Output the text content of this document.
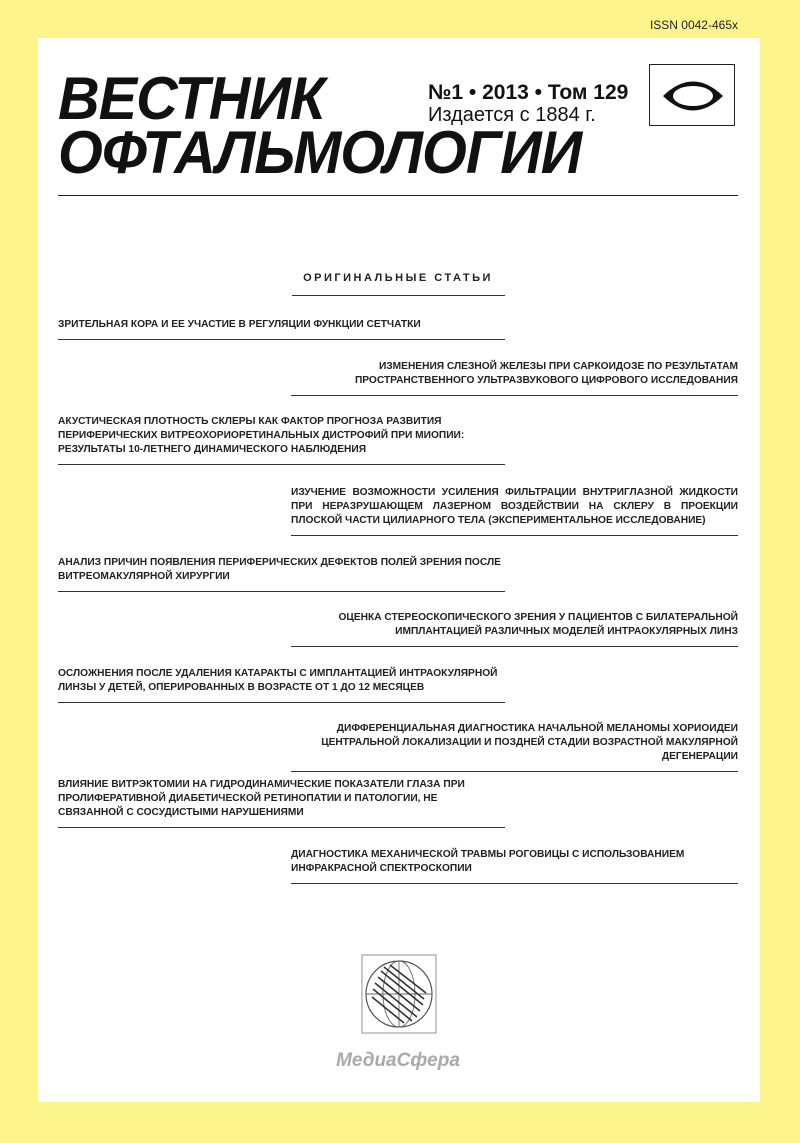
ISSN 0042-465x
ВЕСТНИК
ОФТАЛЬМОЛОГИИ
№1 • 2013 • Том 129
Издается с 1884 г.
ОРИГИНАЛЬНЫЕ СТАТЬИ
ЗРИТЕЛЬНАЯ КОРА И ЕЕ УЧАСТИЕ В РЕГУЛЯЦИИ ФУНКЦИИ СЕТЧАТКИ
ИЗМЕНЕНИЯ СЛЕЗНОЙ ЖЕЛЕЗЫ ПРИ САРКОИДОЗЕ ПО РЕЗУЛЬТАТАМ ПРОСТРАНСТВЕННОГО УЛЬТРАЗВУКОВОГО ЦИФРОВОГО ИССЛЕДОВАНИЯ
АКУСТИЧЕСКАЯ ПЛОТНОСТЬ СКЛЕРЫ КАК ФАКТОР ПРОГНОЗА РАЗВИТИЯ ПЕРИФЕРИЧЕСКИХ ВИТРЕОХОРИОРЕТИНАЛЬНЫХ ДИСТРОФИЙ ПРИ МИОПИИ: РЕЗУЛЬТАТЫ 10-ЛЕТНЕГО ДИНАМИЧЕСКОГО НАБЛЮДЕНИЯ
ИЗУЧЕНИЕ ВОЗМОЖНОСТИ УСИЛЕНИЯ ФИЛЬТРАЦИИ ВНУТРИГЛАЗНОЙ ЖИДКОСТИ ПРИ НЕРАЗРУШАЮЩЕМ ЛАЗЕРНОМ ВОЗДЕЙСТВИИ НА СКЛЕРУ В ПРОЕКЦИИ ПЛОСКОЙ ЧАСТИ ЦИЛИАРНОГО ТЕЛА (ЭКСПЕРИМЕНТАЛЬНОЕ ИССЛЕДОВАНИЕ)
АНАЛИЗ ПРИЧИН ПОЯВЛЕНИЯ ПЕРИФЕРИЧЕСКИХ ДЕФЕКТОВ ПОЛЕЙ ЗРЕНИЯ ПОСЛЕ ВИТРЕОМАКУЛЯРНОЙ ХИРУРГИИ
ОЦЕНКА СТЕРЕОСКОПИЧЕСКОГО ЗРЕНИЯ У ПАЦИЕНТОВ С БИЛАТЕРАЛЬНОЙ ИМПЛАНТАЦИЕЙ РАЗЛИЧНЫХ МОДЕЛЕЙ ИНТРАОКУЛЯРНЫХ ЛИНЗ
ОСЛОЖНЕНИЯ ПОСЛЕ УДАЛЕНИЯ КАТАРАКТЫ С ИМПЛАНТАЦИЕЙ ИНТРАОКУЛЯРНОЙ ЛИНЗЫ У ДЕТЕЙ, ОПЕРИРОВАННЫХ В ВОЗРАСТЕ ОТ 1 ДО 12 МЕСЯЦЕВ
ДИФФЕРЕНЦИАЛЬНАЯ ДИАГНОСТИКА НАЧАЛЬНОЙ МЕЛАНОМЫ ХОРИОИДЕИ ЦЕНТРАЛЬНОЙ ЛОКАЛИЗАЦИИ И ПОЗДНЕЙ СТАДИИ ВОЗРАСТНОЙ МАКУЛЯРНОЙ ДЕГЕНЕРАЦИИ
ВЛИЯНИЕ ВИТРЭКТОМИИ НА ГИДРОДИНАМИЧЕСКИЕ ПОКАЗАТЕЛИ ГЛАЗА ПРИ ПРОЛИФЕРАТИВНОЙ ДИАБЕТИЧЕСКОЙ РЕТИНОПАТИИ И ПАТОЛОГИИ, НЕ СВЯЗАННОЙ С СОСУДИСТЫМИ НАРУШЕНИЯМИ
ДИАГНОСТИКА МЕХАНИЧЕСКОЙ ТРАВМЫ РОГОВИЦЫ С ИСПОЛЬЗОВАНИЕМ ИНФРАКРАСНОЙ СПЕКТРОСКОПИИ
МедиаСфера
